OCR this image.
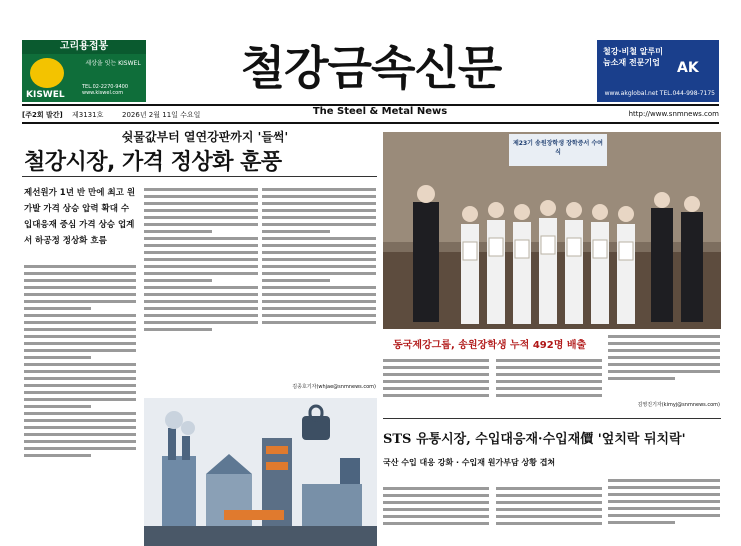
고리용접봉
세상을 잇는 KISWEL
KISWEL
TEL.02-2270-9400 www.kiswel.com	철강금속신문
The Steel & Metal News
철강·비철 알루미늄소재 전문기업 AK
www.akglobal.net TEL.044-998-7175
[주2회 발간] 제3131호	2026년 2월 11일 수요일	http://www.snmnews.com
쉿물값부터 열연강판까지 '들썩'
철강시장, 가격 정상화 훈풍
제선원가 1년 반 만에 최고 원가발 가격 상승 압력 확대 수입대응재 중심 가격 상승 업계서 하공정 정상화 흐름
김종호기자(whjae@snmnews.com)
제23기 송원장학생 장학증서 수여식
동국제강그룹, 송원장학생 누적 492명 배출
김영진기자(kimyj@snmnews.com)
STS 유통시장, 수입대응재·수입재價 '엎치락 뒤치락'
국산 수입 대응 강화 · 수입재 원가부담 상황 겹쳐
